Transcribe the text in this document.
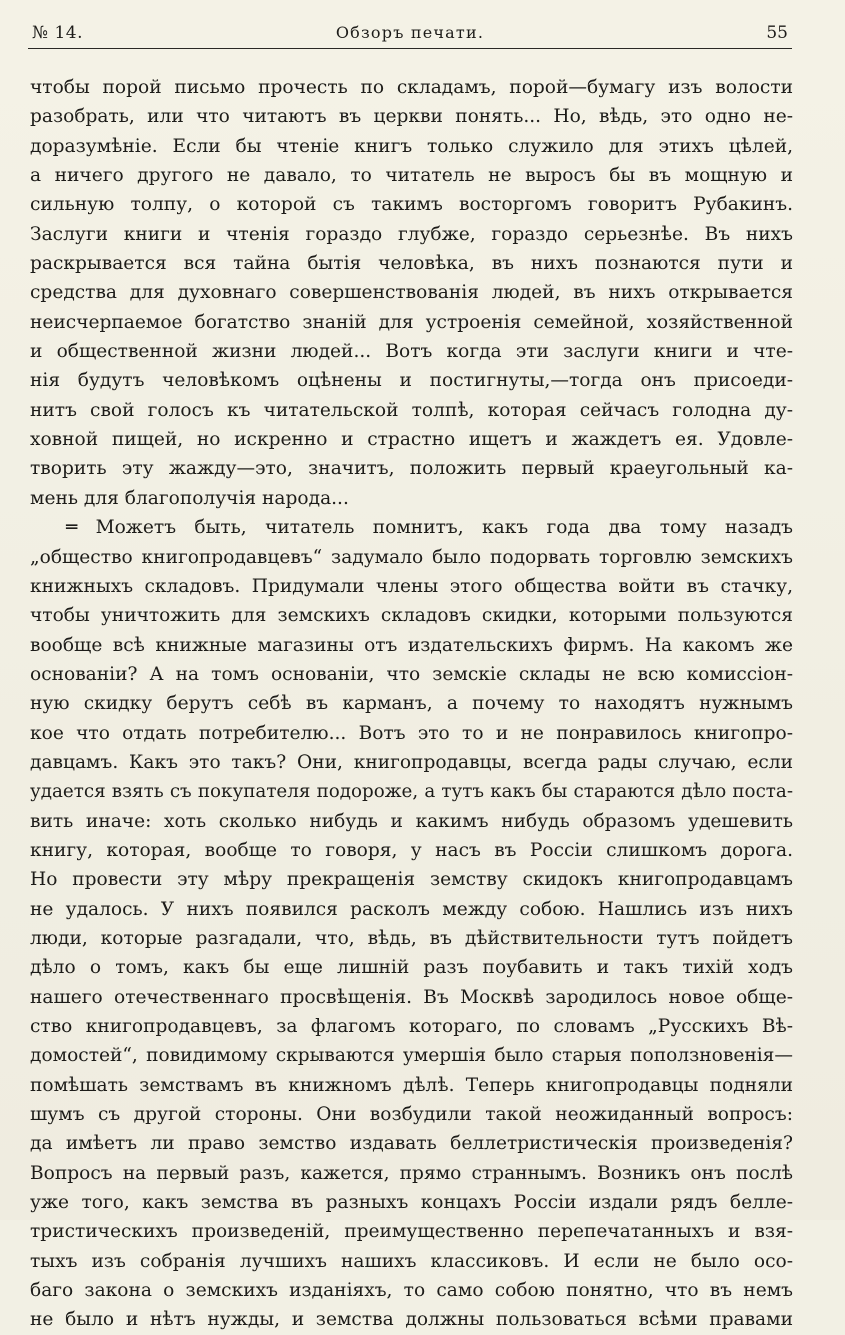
№ 14.	Обзоръ печати.	55
чтобы порой письмо прочесть по складамъ, порой—бумагу изъ волости
разобрать, или что читаютъ въ церкви понять... Но, вѣдь, это одно не-
доразумѣніе. Если бы чтеніе книгъ только служило для этихъ цѣлей,
а ничего другого не давало, то читатель не выросъ бы въ мощную и
сильную толпу, о которой съ такимъ восторгомъ говоритъ Рубакинъ.
Заслуги книги и чтенія гораздо глубже, гораздо серьезнѣе. Въ нихъ
раскрывается вся тайна бытія человѣка, въ нихъ познаются пути и
средства для духовнаго совершенствованія людей, въ нихъ открывается
неисчерпаемое богатство знаній для устроенія семейной, хозяйственной
и общественной жизни людей... Вотъ когда эти заслуги книги и чте-
нія будутъ человѣкомъ оцѣнены и постигнуты,—тогда онъ присоеди-
нитъ свой голосъ къ читательской толпѣ, которая сейчасъ голодна ду-
ховной пищей, но искренно и страстно ищетъ и жаждетъ ея. Удовле-
творить эту жажду—это, значитъ, положить первый краеугольный ка-
мень для благополучія народа...
═ Можетъ быть, читатель помнитъ, какъ года два тому назадъ
„общество книгопродавцевъ“ задумало было подорвать торговлю земскихъ
книжныхъ складовъ. Придумали члены этого общества войти въ стачку,
чтобы уничтожить для земскихъ складовъ скидки, которыми пользуются
вообще всѣ книжные магазины отъ издательскихъ фирмъ. На какомъ же
основаніи? А на томъ основаніи, что земскіе склады не всю комиссіон-
ную скидку берутъ себѣ въ карманъ, а почему то находятъ нужнымъ
кое что отдать потребителю... Вотъ это то и не понравилось книгопро-
давцамъ. Какъ это такъ? Они, книгопродавцы, всегда рады случаю, если
удается взять съ покупателя подороже, а тутъ какъ бы стараются дѣло поста-
вить иначе: хоть сколько нибудь и какимъ нибудь образомъ удешевить
книгу, которая, вообще то говоря, у насъ въ Россіи слишкомъ дорога.
Но провести эту мѣру прекращенія земству скидокъ книгопродавцамъ
не удалось. У нихъ появился расколъ между собою. Нашлись изъ нихъ
люди, которые разгадали, что, вѣдь, въ дѣйствительности тутъ пойдетъ
дѣло о томъ, какъ бы еще лишній разъ поубавить и такъ тихій ходъ
нашего отечественнаго просвѣщенія. Въ Москвѣ зародилось новое обще-
ство книгопродавцевъ, за флагомъ котораго, по словамъ „Русскихъ Вѣ-
домостей“, повидимому скрываются умершія было старыя поползновенія—
помѣшать земствамъ въ книжномъ дѣлѣ. Теперь книгопродавцы подняли
шумъ съ другой стороны. Они возбудили такой неожиданный вопросъ:
да имѣетъ ли право земство издавать беллетристическія произведенія?
Вопросъ на первый разъ, кажется, прямо страннымъ. Возникъ онъ послѣ
уже того, какъ земства въ разныхъ концахъ Россіи издали рядъ белле-
тристическихъ произведеній, преимущественно перепечатанныхъ и взя-
тыхъ изъ собранія лучшихъ нашихъ классиковъ. И если не было осо-
баго закона о земскихъ изданіяхъ, то само собою понятно, что въ немъ
не было и нѣтъ нужды, и земства должны пользоваться всѣми правами
